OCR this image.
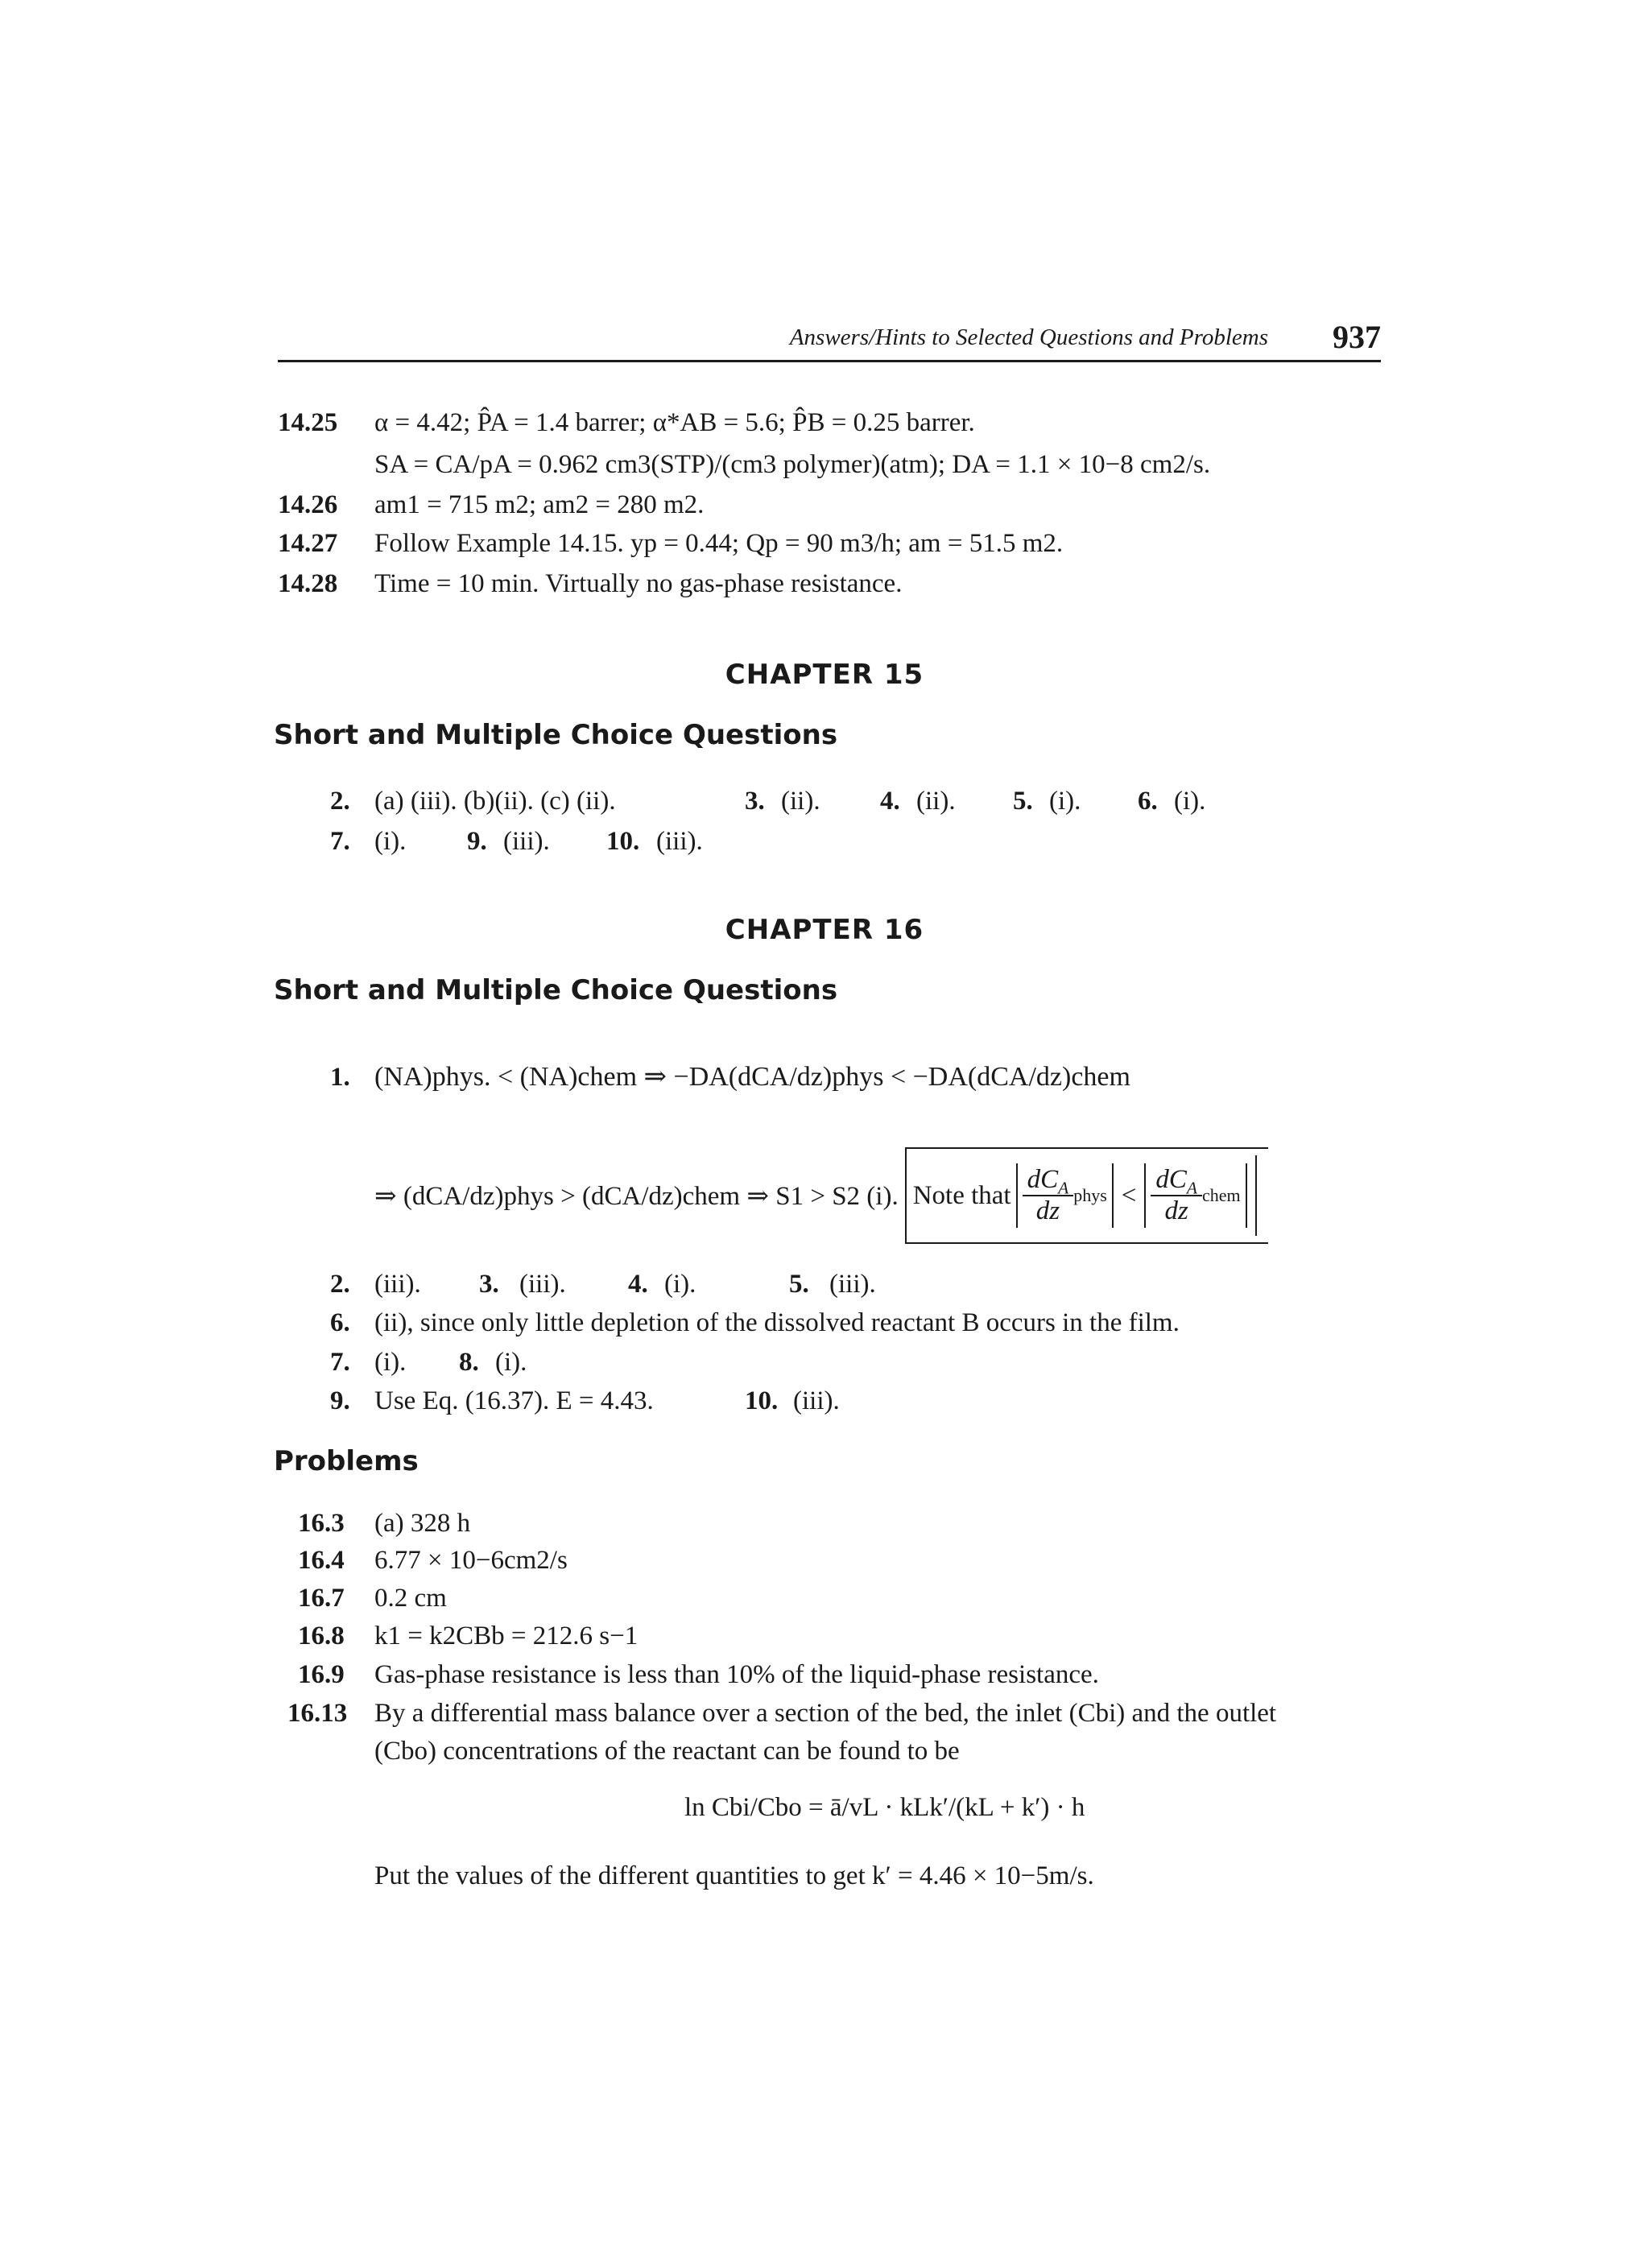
Answers/Hints to Selected Questions and Problems 937
14.25 α = 4.42; P̂A = 1.4 barrer; α*AB = 5.6; P̂B = 0.25 barrer.
SA = CA/pA = 0.962 cm3(STP)/(cm3 polymer)(atm); DA = 1.1 × 10−8 cm2/s.
14.26 am1 = 715 m2; am2 = 280 m2.
14.27 Follow Example 14.15. yp = 0.44; Qp = 90 m3/h; am = 51.5 m2.
14.28 Time = 10 min. Virtually no gas-phase resistance.
CHAPTER 15
Short and Multiple Choice Questions
2. (a) (iii). (b)(ii). (c) (ii).	3. (ii). 4. (ii). 5. (i). 6. (i).
7. (i). 9. (iii). 10. (iii).
CHAPTER 16
Short and Multiple Choice Questions
1. (NA)phys. < (NA)chem ⇒ −DA(dCA/dz)phys < −DA(dCA/dz)chem
⇒ (dCA/dz)phys > (dCA/dz)chem ⇒ S1 > S2 (i). Note that $\frac{dC_A}{dz}$ phys < $\frac{dC_A}{dz}$ chem
2. (iii). 3. (iii). 4. (i).	5. (iii).
6. (ii), since only little depletion of the dissolved reactant B occurs in the film.
7. (i). 8. (i).
9. Use Eq. (16.37). E = 4.43.	10. (iii).
Problems
16.3 (a) 328 h
16.4 6.77 × 10−6cm2/s
16.7 0.2 cm
16.8 k1 = k2CBb = 212.6 s−1
16.9 Gas-phase resistance is less than 10% of the liquid-phase resistance.
16.13 By a differential mass balance over a section of the bed, the inlet (Cbi) and the outlet
(Cbo) concentrations of the reactant can be found to be
ln Cbi/Cbo = ā/vL · kLk′/(kL + k′) · h
Put the values of the different quantities to get k′ = 4.46 × 10−5m/s.
